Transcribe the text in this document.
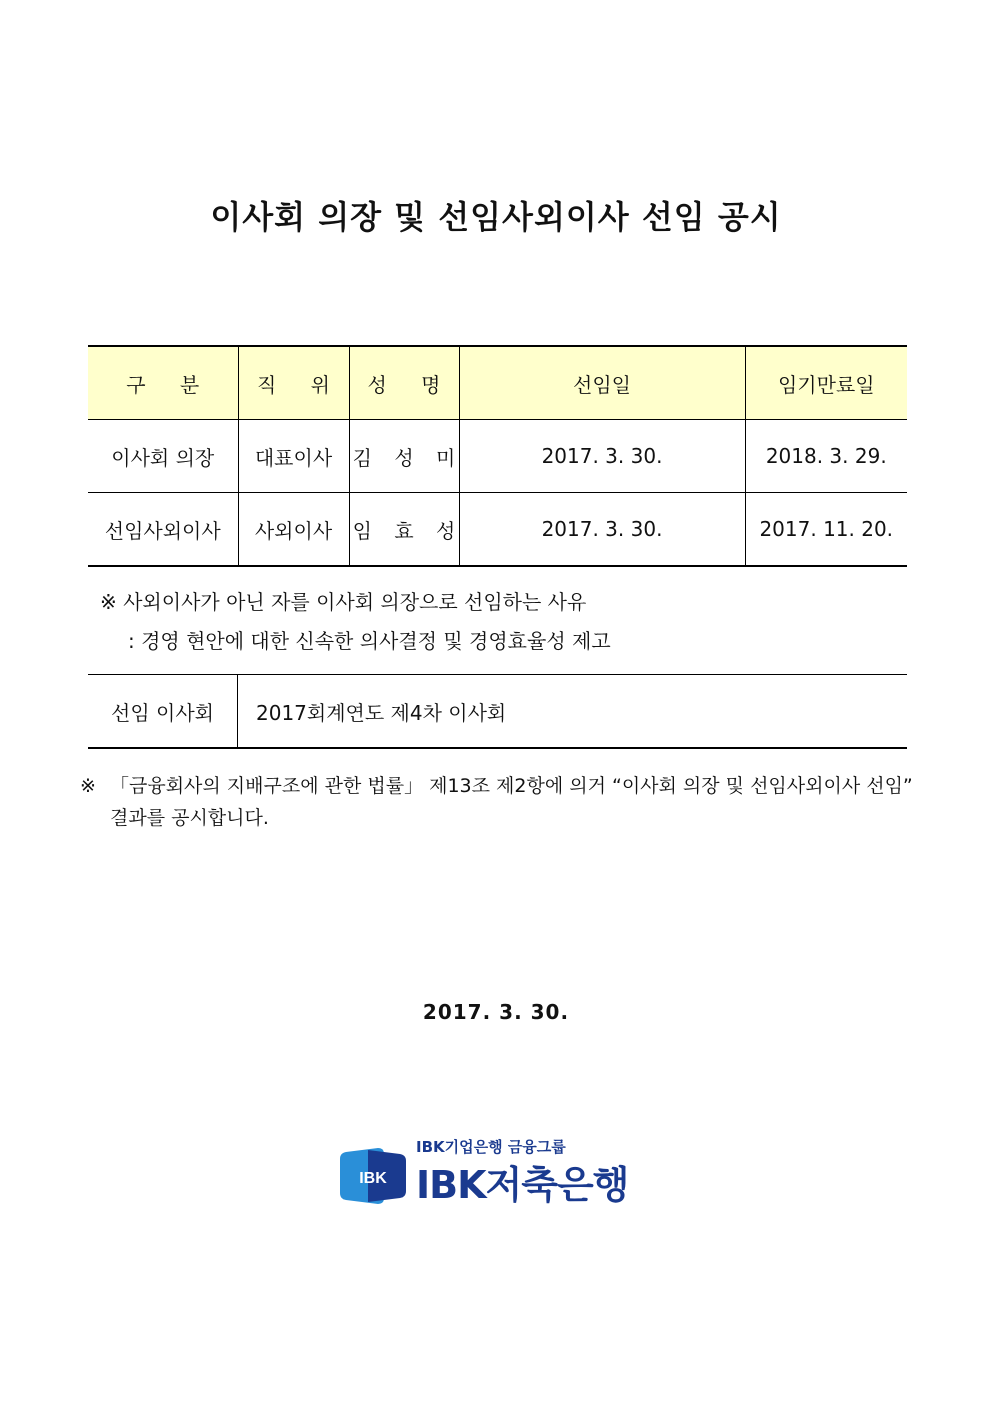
이사회 의장 및 선임사외이사 선임 공시
구 분	직 위	성 명	선임일	임기만료일
이사회 의장	대표이사	김 성 미	2017. 3. 30.	2018. 3. 29.
선임사외이사	사외이사	임 효 성	2017. 3. 30.	2017. 11. 20.
※ 사외이사가 아닌 자를 이사회 의장으로 선임하는 사유
: 경영 현안에 대한 신속한 의사결정 및 경영효율성 제고
선임 이사회	2017회계연도 제4차 이사회
※ 「금융회사의 지배구조에 관한 법률」 제13조 제2항에 의거 “이사회 의장 및 선임사외이사 선임” 결과를 공시합니다.
2017. 3. 30.
IBK
IBK기업은행 금융그룹
IBK저축은행
